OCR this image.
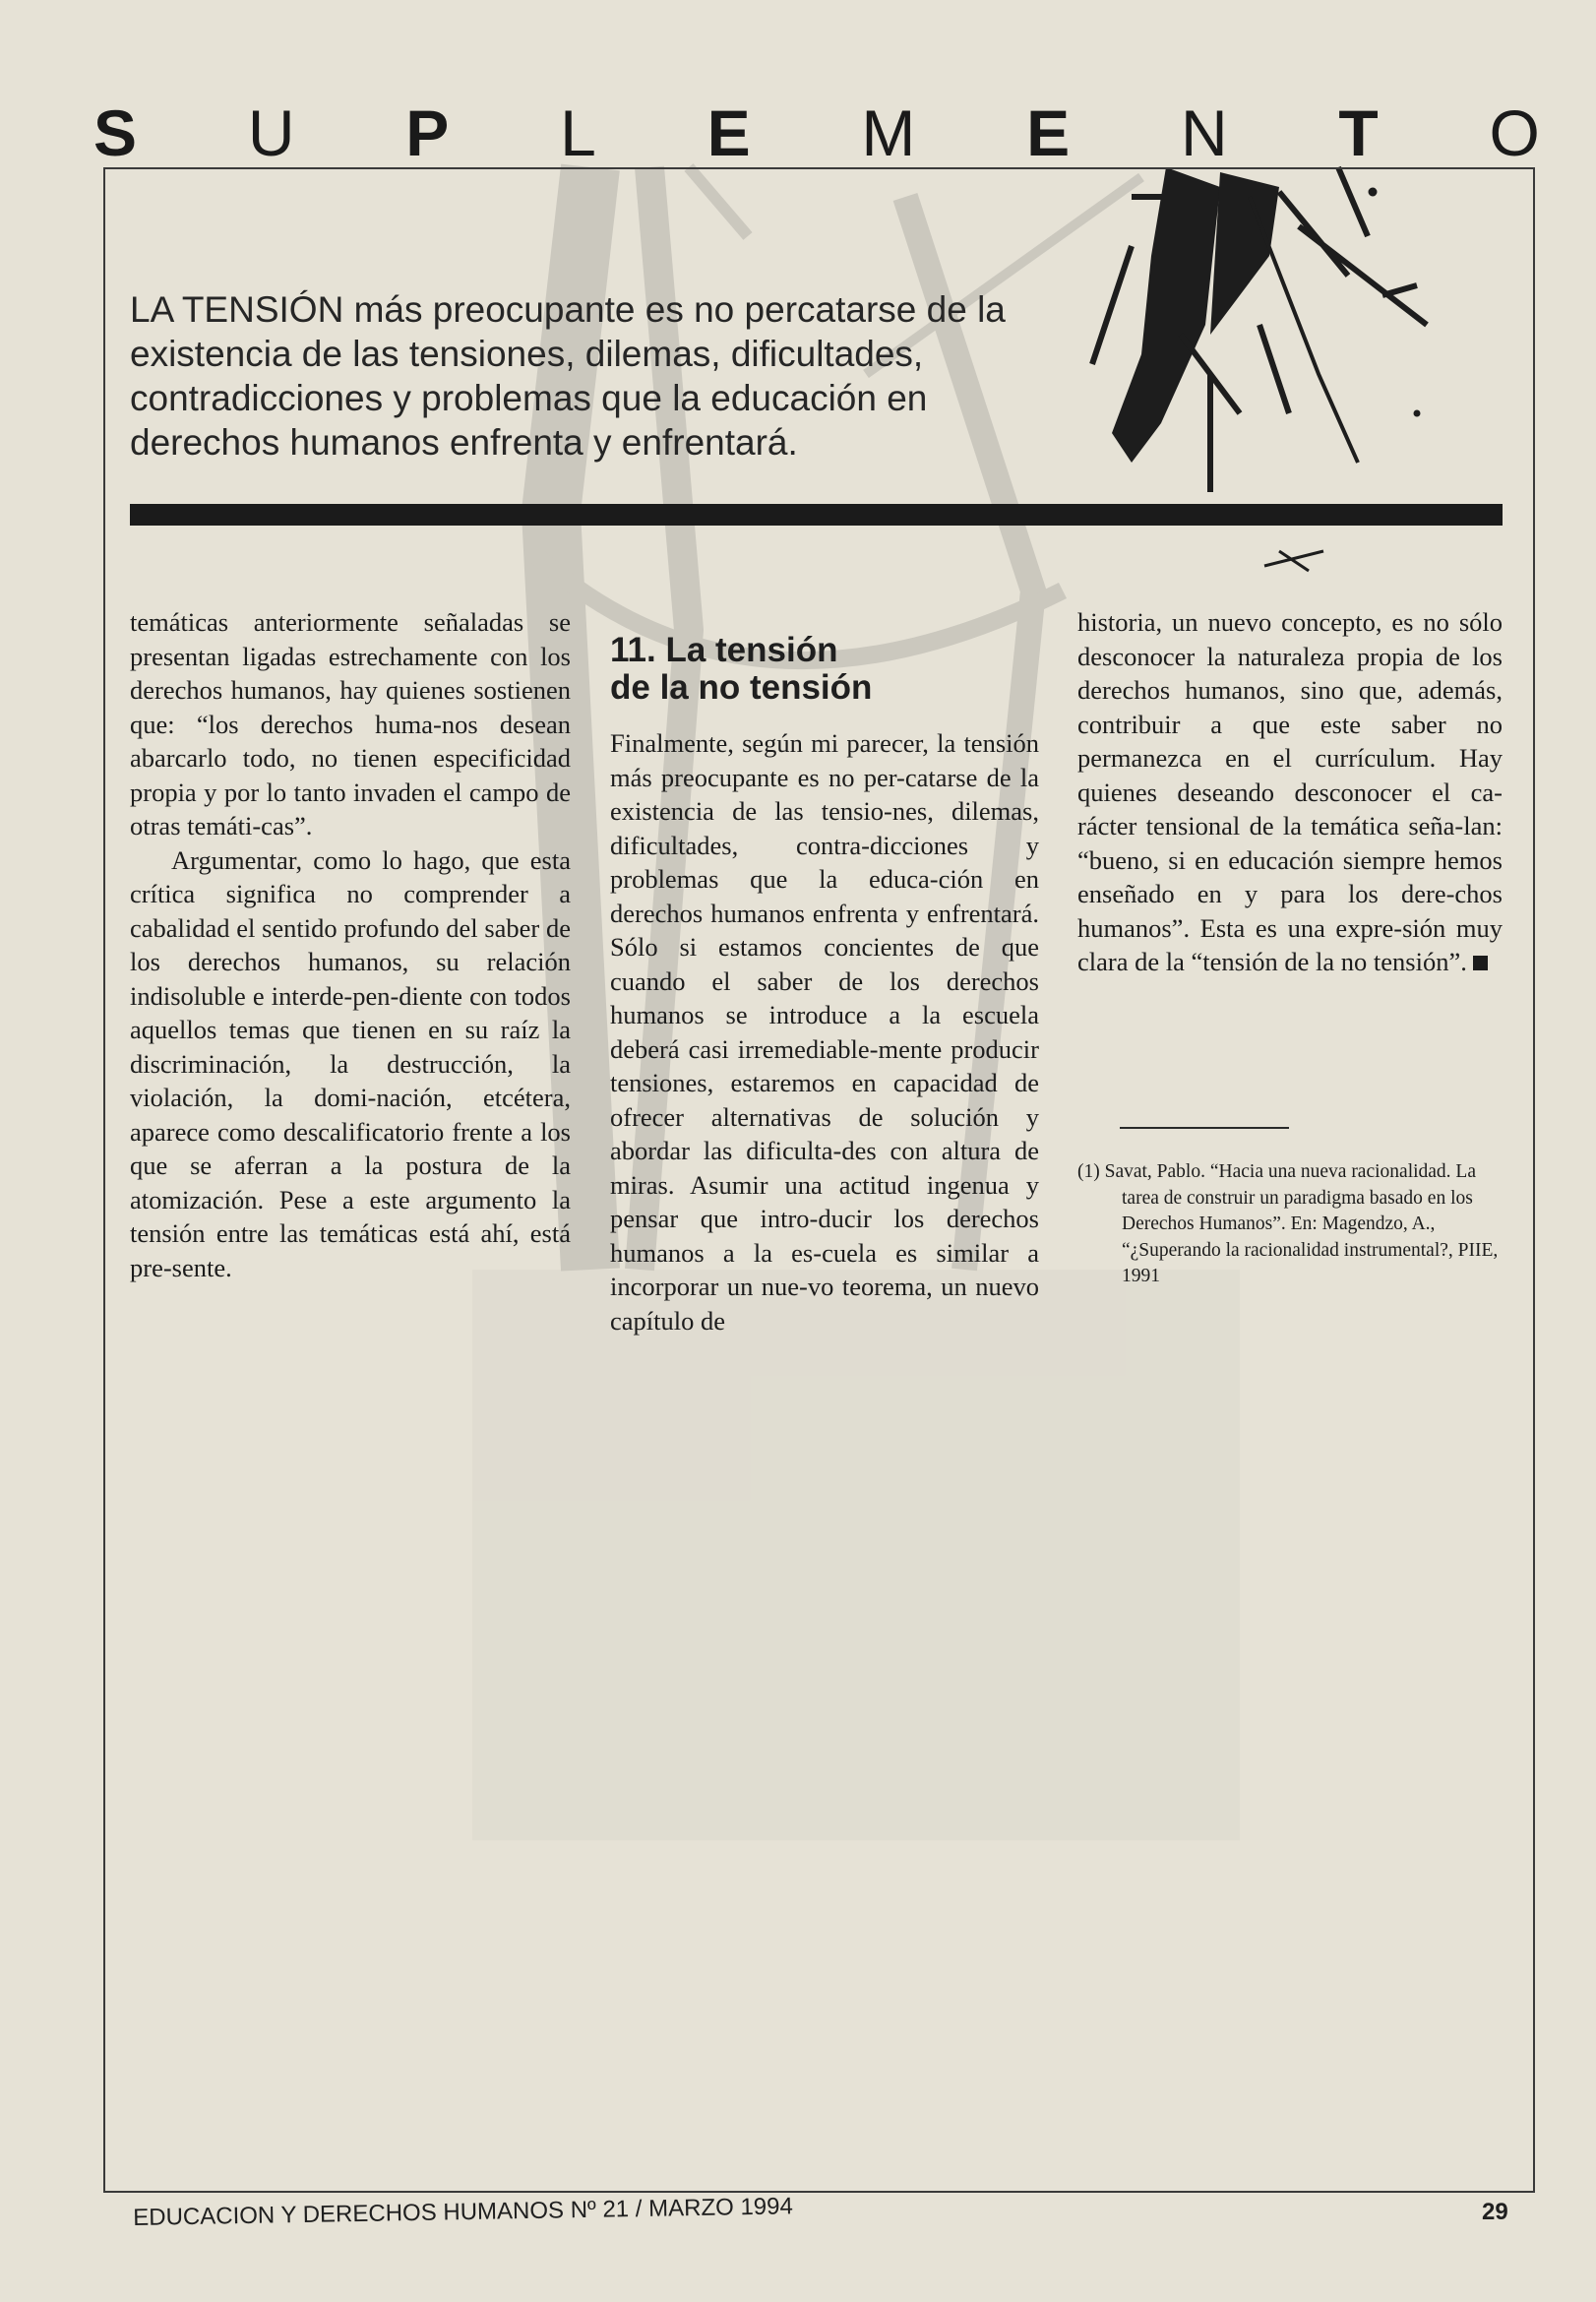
S U P L E M E N T O

LA TENSIÓN más preocupante es no percatarse de la existencia de las tensiones, dilemas, dificultades, contradicciones y problemas que la educación en derechos humanos enfrenta y enfrentará.

temáticas anteriormente señaladas se presentan ligadas estrechamente con los derechos humanos, hay quienes sostienen que: “los derechos huma-nos desean abarcarlo todo, no tienen especificidad propia y por lo tanto invaden el campo de otras temáti-cas”.

Argumentar, como lo hago, que esta crítica significa no comprender a cabalidad el sentido profundo del saber de los derechos humanos, su relación indisoluble e interde-pen-diente con todos aquellos temas que tienen en su raíz la discriminación, la destrucción, la violación, la domi-nación, etcétera, aparece como descalificatorio frente a los que se aferran a la postura de la atomización. Pese a este argumento la tensión entre las temáticas está ahí, está pre-sente.

11. La tensión
de la no tensión

Finalmente, según mi parecer, la tensión más preocupante es no per-catarse de la existencia de las tensio-nes, dilemas, dificultades, contra-dicciones y problemas que la educa-ción en derechos humanos enfrenta y enfrentará. Sólo si estamos concientes de que cuando el saber de los derechos humanos se introduce a la escuela deberá casi irremediable-mente producir tensiones, estaremos en capacidad de ofrecer alternativas de solución y abordar las dificulta-des con altura de miras. Asumir una actitud ingenua y pensar que intro-ducir los derechos humanos a la es-cuela es similar a incorporar un nue-vo teorema, un nuevo capítulo de

historia, un nuevo concepto, es no sólo desconocer la naturaleza propia de los derechos humanos, sino que, además, contribuir a que este saber no permanezca en el currículum. Hay quienes deseando desconocer el ca-rácter tensional de la temática seña-lan: “bueno, si en educación siempre hemos enseñado en y para los dere-chos humanos”. Esta es una expre-sión muy clara de la “tensión de la no tensión”.

(1) Savat, Pablo. “Hacia una nueva racionalidad. La tarea de construir un paradigma basado en los Derechos Humanos”. En: Magendzo, A., “¿Superando la racionalidad instrumental?, PIIE, 1991

EDUCACION Y DERECHOS HUMANOS Nº 21 / MARZO 1994	29
